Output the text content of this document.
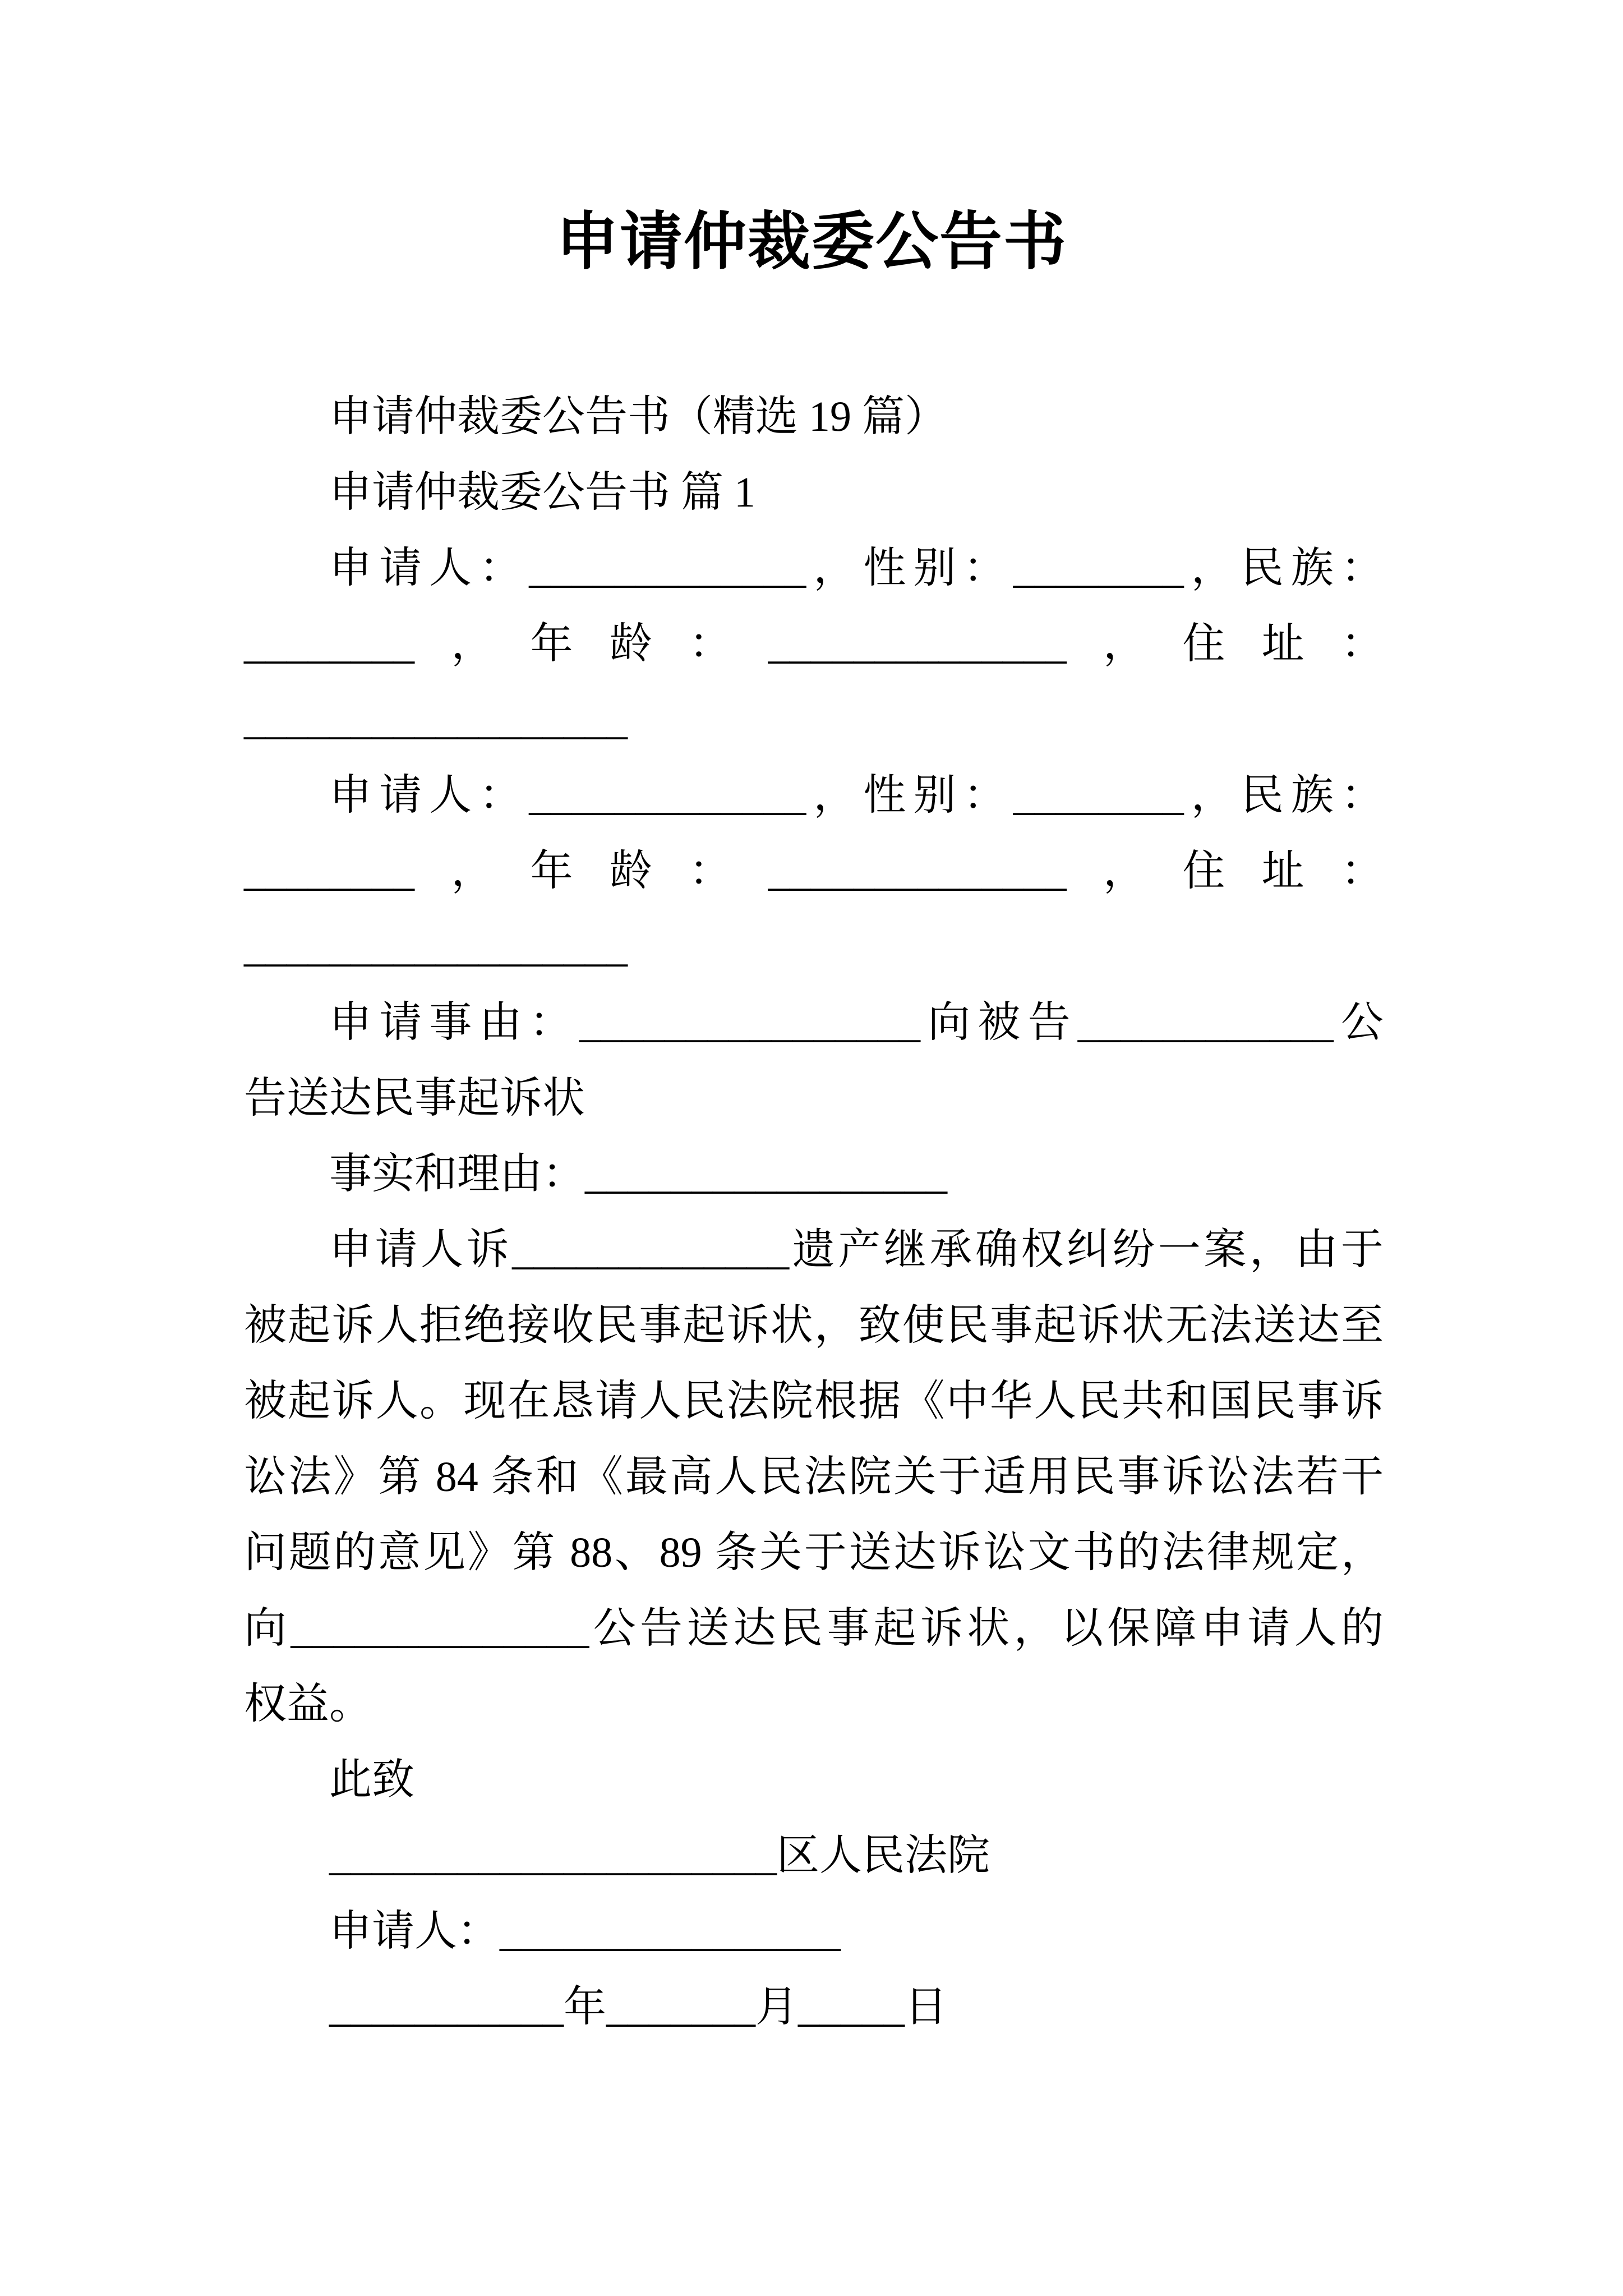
申请仲裁委公告书
申请仲裁委公告书（精选 19 篇）
申请仲裁委公告书 篇 1
申请人：_____________，性别：________，民族：
________，年龄：______________，住址：
__________________
申请人：_____________，性别：________，民族：
________，年龄：______________，住址：
__________________
申请事由：________________向被告____________公
告送达民事起诉状
事实和理由：_________________
申请人诉_____________遗产继承确权纠纷一案，由于
被起诉人拒绝接收民事起诉状，致使民事起诉状无法送达至
被起诉人。现在恳请人民法院根据《中华人民共和国民事诉
讼法》第 84 条和《最高人民法院关于适用民事诉讼法若干
问题的意见》第 88、89 条关于送达诉讼文书的法律规定，
向______________公告送达民事起诉状，以保障申请人的
权益。
此致
_____________________区人民法院
申请人：________________
___________年_______月_____日
